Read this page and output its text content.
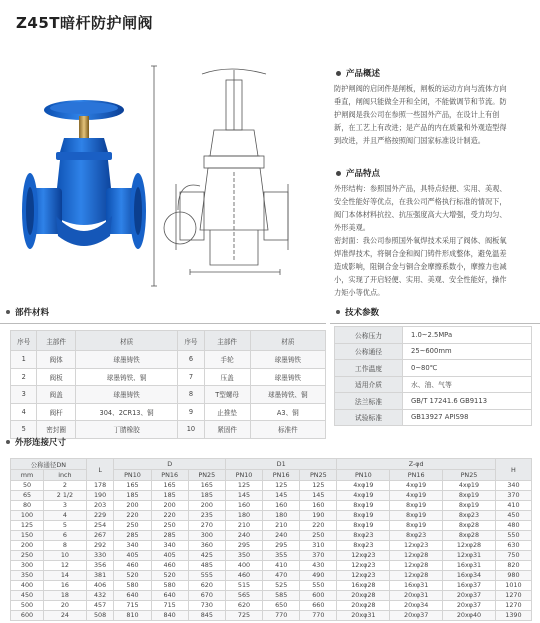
Z45T暗杆防护闸阀
产品概述
防护闸阀的启闭件是闸板，闸板的运动方向与流体方向
垂直，闸阀只能做全开和全闭，不能做调节和节流。防
护闸阀是我公司在参照一些国外产品，在设计上有创
新，在工艺上有改进；是产品的内在质量和外观造型得
到改进，并且严格按照阀门国家标准设计制造。
产品特点
外形结构：参照国外产品，具特点轻便、实用、美观、
安全性能好等优点，在我公司严格执行标准的情况下，
阀门本体材料抗拉、抗压强度高大大增强，受力均匀、
外形美观。
密封面：我公司参照国外氧焊技术采用了阀体、阀板氧
焊准焊技术，将铜合金和阀门铸件形成整体，避免温差
造成影响，阻铜合金与铜合金摩擦系数小，摩擦力也减
小，实现了开启轻便、实用、美观、安全性能好，操作
力矩小等优点。
部件材料	技术参数
序号	主部件	材质	序号	主部件	材质
1	阀体	球墨铸铁	6	手轮	球墨铸铁
2	阀板	球墨铸铁、铜	7	压盖	球墨铸铁
3	阀盖	球墨铸铁	8	T型螺母	球墨铸铁、铜
4	阀杆	304、2CR13、铜	9	止推垫	A3、铜
5	密封圈	丁腈橡胶	10	紧固件	标准件
公称压力	1.0~2.5MPa
公称通径	25~600mm
工作温度	0~80℃
适用介质	水、油、气等
法兰标准	GB/T 17241.6 GB9113
试验标准	GB13927 APIS98
外形连接尺寸
公称通径DN		L	D			D1			Z-φd			H
mm	inch		PN10	PN16	PN25	PN10	PN16	PN25	PN10	PN16	PN25	
50	2	178	165	165	165	125	125	125	4xφ19	4xφ19	4xφ19	340
65	2 1/2	190	185	185	185	145	145	145	4xφ19	4xφ19	8xφ19	370
80	3	203	200	200	200	160	160	160	8xφ19	8xφ19	8xφ19	410
100	4	229	220	220	235	180	180	190	8xφ19	8xφ19	8xφ23	450
125	5	254	250	250	270	210	210	220	8xφ19	8xφ19	8xφ28	480
150	6	267	285	285	300	240	240	250	8xφ23	8xφ23	8xφ28	550
200	8	292	340	340	360	295	295	310	8xφ23	12xφ23	12xφ28	630
250	10	330	405	405	425	350	355	370	12xφ23	12xφ28	12xφ31	750
300	12	356	460	460	485	400	410	430	12xφ23	12xφ28	16xφ31	820
350	14	381	520	520	555	460	470	490	12xφ23	12xφ28	16xφ34	980
400	16	406	580	580	620	515	525	550	16xφ28	16xφ31	16xφ37	1010
450	18	432	640	640	670	565	585	600	20xφ28	20xφ31	20xφ37	1270
500	20	457	715	715	730	620	650	660	20xφ28	20xφ34	20xφ37	1270
600	24	508	810	840	845	725	770	770	20xφ31	20xφ37	20xφ40	1390
